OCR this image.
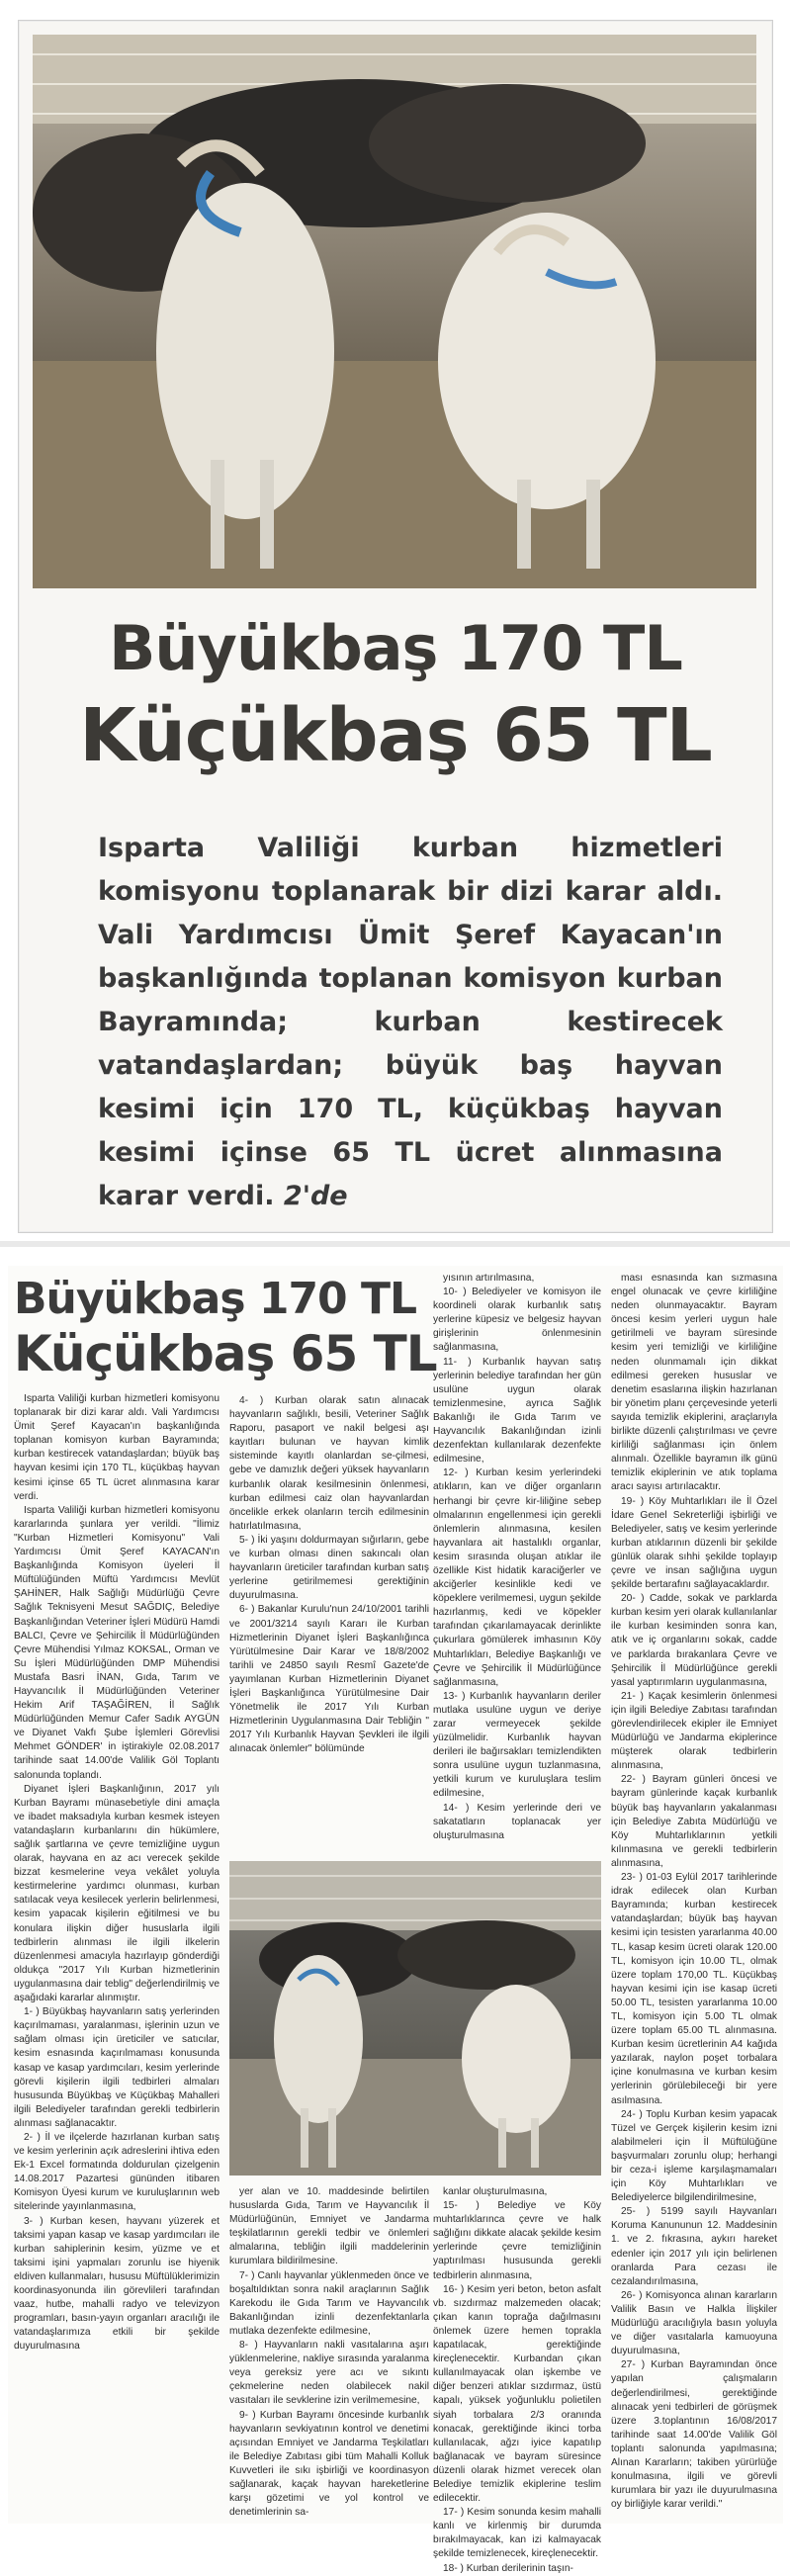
Büyükbaş 170 TL
Küçükbaş 65 TL
Isparta Valiliği kurban hizmetleri komisyonu toplanarak bir dizi karar aldı. Vali Yardımcısı Ümit Şeref Kayacan'ın başkanlığında toplanan komisyon kurban Bayramında; kurban kestirecek vatandaşlardan; büyük baş hayvan kesimi için 170 TL, küçükbaş hayvan kesimi içinse 65 TL ücret alınmasına karar verdi. 2'de
Büyükbaş 170 TL
Küçükbaş 65 TL

Isparta Valiliği kurban hizmetleri komisyonu toplanarak bir dizi karar aldı. Vali Yardımcısı Ümit Şeref Kayacan'ın başkanlığında toplanan komisyon kurban Bayramında; kurban kestirecek vatandaşlardan; büyük baş hayvan kesimi için 170 TL, küçükbaş hayvan kesimi içinse 65 TL ücret alınmasına karar verdi.

Isparta Valiliği kurban hizmetleri komisyonu kararlarında şunlara yer verildi. "İlimiz "Kurban Hizmetleri Komisyonu" Vali Yardımcısı Ümit Şeref KAYACAN'ın Başkanlığında Komisyon üyeleri İl Müftülüğünden Müftü Yardımcısı Mevlüt ŞAHİNER, Halk Sağlığı Müdürlüğü Çevre Sağlık Teknisyeni Mesut SAĞDIÇ, Belediye Başkanlığından Veteriner İşleri Müdürü Hamdi BALCI, Çevre ve Şehircilik İl Müdürlüğünden Çevre Mühendisi Yılmaz KOKSAL, Orman ve Su İşleri Müdürlüğünden DMP Mühendisi Mustafa Basri İNAN, Gıda, Tarım ve Hayvancılık İl Müdürlüğünden Veteriner Hekim Arif TAŞAĞİREN, İl Sağlık Müdürlüğünden Memur Cafer Sadık AYGÜN ve Diyanet Vakfı Şube İşlemleri Görevlisi Mehmet GÖNDER' in iştirakiyle 02.08.2017 tarihinde saat 14.00'de Valilik Göl Toplantı salonunda toplandı.

Diyanet İşleri Başkanlığının, 2017 yılı Kurban Bayramı münasebetiyle dini amaçla ve ibadet maksadıyla kurban kesmek isteyen vatandaşların kurbanlarını din hükümlere, sağlık şartlarına ve çevre temizliğine uygun olarak, hayvana en az acı verecek şekilde bizzat kesmelerine veya vekâlet yoluyla kestirmelerine yardımcı olunması, kurban satılacak veya kesilecek yerlerin belirlenmesi, kesim yapacak kişilerin eğitilmesi ve bu konulara ilişkin diğer hususlarla ilgili tedbirlerin alınması ile ilgili ilkelerin düzenlenmesi amacıyla hazırlayıp gönderdiği oldukça "2017 Yılı Kurban hizmetlerinin uygulanmasına dair teblig" değerlendirilmiş ve aşağıdaki kararlar alınmıştır.

1- ) Büyükbaş hayvanların satış yerlerinden kaçırılmaması, yaralanması, işlerinin uzun ve sağlam olması için üreticiler ve satıcılar, kesim esnasında kaçırılmaması konusunda kasap ve kasap yardımcıları, kesim yerlerinde görevli kişilerin ilgili tedbirleri almaları hususunda Büyükbaş ve Küçükbaş Mahalleri ilgili Belediyeler tarafından gerekli tedbirlerin alınması sağlanacaktır.

2- ) İl ve ilçelerde hazırlanan kurban satış ve kesim yerlerinin açık adreslerini ihtiva eden Ek-1 Excel formatında doldurulan çizelgenin 14.08.2017 Pazartesi gününden itibaren Komisyon Üyesi kurum ve kuruluşlarının web sitelerinde yayınlanmasına,

3- ) Kurban kesen, hayvanı yüzerek et taksimi yapan kasap ve kasap yardımcıları ile kurban sahiplerinin kesim, yüzme ve et taksimi işini yapmaları zorunlu ise hiyenik eldiven kullanmaları, hususu Müftülüklerimizin koordinasyonunda ilin görevlileri tarafından vaaz, hutbe, mahalli radyo ve televizyon programları, basın-yayın organları aracılığı ile vatandaşlarımıza etkili bir şekilde duyurulmasına

4- ) Kurban olarak satın alınacak hayvanların sağlıklı, besili, Veteriner Sağlık Raporu, pasaport ve nakil belgesi aşı kayıtları bulunan ve hayvan kimlik sisteminde kayıtlı olanlardan se-çilmesi, gebe ve damızlık değeri yüksek hayvanların kurbanlık olarak kesilmesinin önlenmesi, kurban edilmesi caiz olan hayvanlardan öncelikle erkek olanların tercih edilmesinin hatırlatılmasına,

5- ) İki yaşını doldurmayan sığırların, gebe ve kurban olması dinen sakıncalı olan hayvanların üreticiler tarafından kurban satış yerlerine getirilmemesi gerektiğinin duyurulmasına.

6- ) Bakanlar Kurulu'nun 24/10/2001 tarihli ve 2001/3214 sayılı Kararı ile Kurban Hizmetlerinin Diyanet İşleri Başkanlığınca Yürütülmesine Dair Karar ve 18/8/2002 tarihli ve 24850 sayılı Resmî Gazete'de yayımlanan Kurban Hizmetlerinin Diyanet İşleri Başkanlığınca Yürütülmesine Dair Yönetmelik ile 2017 Yılı Kurban Hizmetlerinin Uygulanmasına Dair Tebliğin " 2017 Yılı Kurbanlık Hayvan Şevkleri ile ilgili alınacak önlemler" bölümünde

yer alan ve 10. maddesinde belirtilen hususlarda Gıda, Tarım ve Hayvancılık İl Müdürlüğünün, Emniyet ve Jandarma teşkilatlarının gerekli tedbir ve önlemleri almalarına, tebliğin ilgili maddelerinin kurumlara bildirilmesine.

7- ) Canlı hayvanlar yüklenmeden önce ve boşaltıldıktan sonra nakil araçlarının Sağlık Karekodu ile Gıda Tarım ve Hayvancılık Bakanlığından izinli dezenfektanlarla mutlaka dezenfekte edilmesine,

8- ) Hayvanların nakli vasıtalarına aşırı yüklenmelerine, nakliye sırasında yaralanma veya gereksiz yere acı ve sıkıntı çekmelerine neden olabilecek nakil vasıtaları ile sevklerine izin verilmemesine,

9- ) Kurban Bayramı öncesinde kurbanlık hayvanların sevkiyatının kontrol ve denetimi açısından Emniyet ve Jandarma Teşkilatları ile Belediye Zabıtası gibi tüm Mahalli Kolluk Kuvvetleri ile sıkı işbirliği ve koordinasyon sağlanarak, kaçak hayvan hareketlerine karşı gözetimi ve yol kontrol ve denetimlerinin sa-

yısının artırılmasına,

10- ) Belediyeler ve komisyon ile koordineli olarak kurbanlık satış yerlerine küpesiz ve belgesiz hayvan girişlerinin önlenmesinin sağlanmasına,

11- ) Kurbanlık hayvan satış yerlerinin belediye tarafından her gün usulüne uygun olarak temizlenmesine, ayrıca Sağlık Bakanlığı ile Gıda Tarım ve Hayvancılık Bakanlığından izinli dezenfektan kullanılarak dezenfekte edilmesine,

12- ) Kurban kesim yerlerindeki atıkların, kan ve diğer organların herhangi bir çevre kir-liliğine sebep olmalarının engellenmesi için gerekli önlemlerin alınmasına, kesilen hayvanlara ait hastalıklı organlar, kesim sırasında oluşan atıklar ile özellikle Kist hidatik karaciğerler ve akciğerler kesinlikle kedi ve köpeklere verilmemesi, uygun şekilde hazırlanmış, kedi ve köpekler tarafından çıkarılamayacak derinlikte çukurlara gömülerek imhasının Köy Muhtarlıkları, Belediye Başkanlığı ve Çevre ve Şehircilik İl Müdürlüğünce sağlanmasına,

13- ) Kurbanlık hayvanların deriler mutlaka usulüne uygun ve deriye zarar vermeyecek şekilde yüzülmelidir. Kurbanlık hayvan derileri ile bağırsakları temizlendikten sonra usulüne uygun tuzlanmasına, yetkili kurum ve kuruluşlara teslim edilmesine,

14- ) Kesim yerlerinde deri ve sakatatların toplanacak yer oluşturulmasına

kanlar oluşturulmasına,

15- ) Belediye ve Köy muhtarlıklarınca çevre ve halk sağlığını dikkate alacak şekilde kesim yerlerinde çevre temizliğinin yaptırılması hususunda gerekli tedbirlerin alınmasına,

16- ) Kesim yeri beton, beton asfalt vb. sızdırmaz malzemeden olacak; çıkan kanın toprağa dağılmasını önlemek üzere hemen toprakla kapatılacak, gerektiğinde kireçlenecektir. Kurbandan çıkan kullanılmayacak olan işkembe ve diğer benzeri atıklar sızdırmaz, üstü kapalı, yüksek yoğunluklu polietilen siyah torbalara 2/3 oranında konacak, gerektiğinde ikinci torba kullanılacak, ağzı iyice kapatılıp bağlanacak ve bayram süresince düzenli olarak hizmet verecek olan Belediye temizlik ekiplerine teslim edilecektir.

17- ) Kesim sonunda kesim mahalli kanlı ve kirlenmiş bir durumda bırakılmayacak, kan izi kalmayacak şekilde temizlenecek, kireçlenecektir.

18- ) Kurban derilerinin taşın-

ması esnasında kan sızmasına engel olunacak ve çevre kirliliğine neden olunmayacaktır. Bayram öncesi kesim yerleri uygun hale getirilmeli ve bayram süresinde kesim yeri temizliği ve kirliliğine neden olunmamalı için dikkat edilmesi gereken hususlar ve denetim esaslarına ilişkin hazırlanan bir yönetim planı çerçevesinde yeterli sayıda temizlik ekiplerini, araçlarıyla birlikte düzenli çalıştırılması ve çevre kirliliği sağlanması için önlem alınmalı. Özellikle bayramın ilk günü temizlik ekiplerinin ve atık toplama aracı sayısı artırılacaktır.

19- ) Köy Muhtarlıkları ile İl Özel İdare Genel Sekreterliği işbirliği ve Belediyeler, satış ve kesim yerlerinde kurban atıklarının düzenli bir şekilde günlük olarak sıhhi şekilde toplayıp çevre ve insan sağlığına uygun şekilde bertarafını sağlayacaklardır.

20- ) Cadde, sokak ve parklarda kurban kesim yeri olarak kullanılanlar ile kurban kesiminden sonra kan, atık ve iç organlarını sokak, cadde ve parklarda bırakanlara Çevre ve Şehircilik İl Müdürlüğünce gerekli yasal yaptırımların uygulanmasına,

21- ) Kaçak kesimlerin önlenmesi için ilgili Belediye Zabıtası tarafından görevlendirilecek ekipler ile Emniyet Müdürlüğü ve Jandarma ekiplerince müşterek olarak tedbirlerin alınmasına,

22- ) Bayram günleri öncesi ve bayram günlerinde kaçak kurbanlık büyük baş hayvanların yakalanması için Belediye Zabıta Müdürlüğü ve Köy Muhtarlıklarının yetkili kılınmasına ve gerekli tedbirlerin alınmasına,

23- ) 01-03 Eylül 2017 tarihlerinde idrak edilecek olan Kurban Bayramında; kurban kestirecek vatandaşlardan; büyük baş hayvan kesimi için tesisten yararlanma 40.00 TL, kasap kesim ücreti olarak 120.00 TL, komisyon için 10.00 TL, olmak üzere toplam 170,00 TL. Küçükbaş hayvan kesimi için ise kasap ücreti 50.00 TL, tesisten yararlanma 10.00 TL, komisyon için 5.00 TL olmak üzere toplam 65.00 TL alınmasına. Kurban kesim ücretlerinin A4 kağıda yazılarak, naylon poşet torbalara içine konulmasına ve kurban kesim yerlerinin görülebileceği bir yere asılmasına.

24- ) Toplu Kurban kesim yapacak Tüzel ve Gerçek kişilerin kesim izni alabilmeleri için İl Müftülüğüne başvurmaları zorunlu olup; herhangi bir ceza-i işleme karşılaşmamaları için Köy Muhtarlıkları ve Belediyelerce bilgilendirilmesine,

25- ) 5199 sayılı Hayvanları Koruma Kanununun 12. Maddesinin 1. ve 2. fıkrasına, aykırı hareket edenler için 2017 yılı için belirlenen oranlarda Para cezası ile cezalandırılmasına,

26- ) Komisyonca alınan kararların Valilik Basın ve Halkla İlişkiler Müdürlüğü aracılığıyla basın yoluyla ve diğer vasıtalarla kamuoyuna duyurulmasına,

27- ) Kurban Bayramından önce yapılan çalışmaların değerlendirilmesi, gerektiğinde alınacak yeni tedbirleri de görüşmek üzere 3.toplantının 16/08/2017 tarihinde saat 14.00'de Valilik Göl toplantı salonunda yapılmasına; Alınan Kararların; takiben yürürlüğe konulmasına, ilgili ve görevli kurumlara bir yazı ile duyurulmasına oy birliğiyle karar verildi."
